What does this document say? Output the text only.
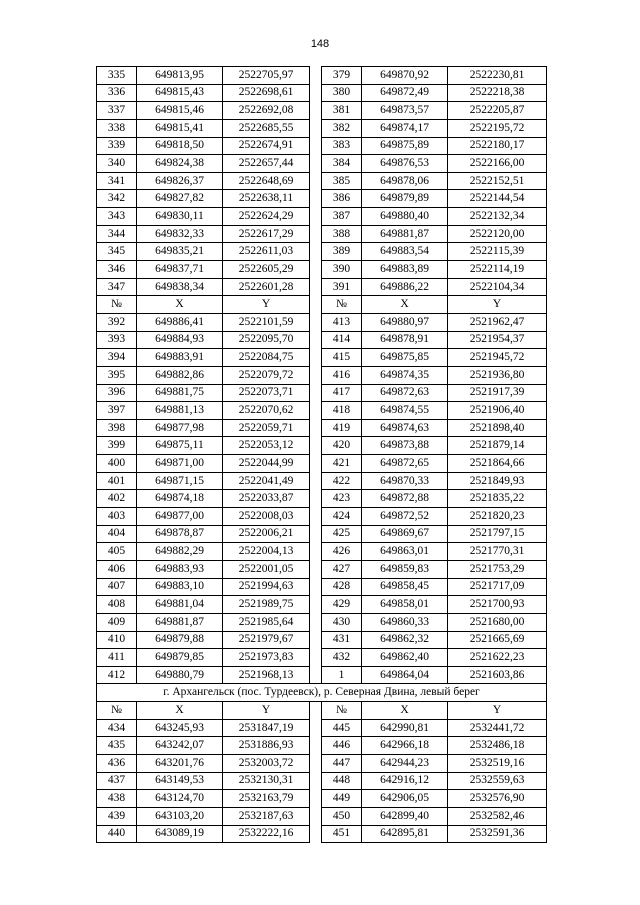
148
335	649813,95	2522705,97		379	649870,92	2522230,81
336	649815,43	2522698,61		380	649872,49	2522218,38
337	649815,46	2522692,08		381	649873,57	2522205,87
338	649815,41	2522685,55		382	649874,17	2522195,72
339	649818,50	2522674,91		383	649875,89	2522180,17
340	649824,38	2522657,44		384	649876,53	2522166,00
341	649826,37	2522648,69		385	649878,06	2522152,51
342	649827,82	2522638,11		386	649879,89	2522144,54
343	649830,11	2522624,29		387	649880,40	2522132,34
344	649832,33	2522617,29		388	649881,87	2522120,00
345	649835,21	2522611,03		389	649883,54	2522115,39
346	649837,71	2522605,29		390	649883,89	2522114,19
347	649838,34	2522601,28		391	649886,22	2522104,34
№	X	Y		№	X	Y
392	649886,41	2522101,59		413	649880,97	2521962,47
393	649884,93	2522095,70		414	649878,91	2521954,37
394	649883,91	2522084,75		415	649875,85	2521945,72
395	649882,86	2522079,72		416	649874,35	2521936,80
396	649881,75	2522073,71		417	649872,63	2521917,39
397	649881,13	2522070,62		418	649874,55	2521906,40
398	649877,98	2522059,71		419	649874,63	2521898,40
399	649875,11	2522053,12		420	649873,88	2521879,14
400	649871,00	2522044,99		421	649872,65	2521864,66
401	649871,15	2522041,49		422	649870,33	2521849,93
402	649874,18	2522033,87		423	649872,88	2521835,22
403	649877,00	2522008,03		424	649872,52	2521820,23
404	649878,87	2522006,21		425	649869,67	2521797,15
405	649882,29	2522004,13		426	649863,01	2521770,31
406	649883,93	2522001,05		427	649859,83	2521753,29
407	649883,10	2521994,63		428	649858,45	2521717,09
408	649881,04	2521989,75		429	649858,01	2521700,93
409	649881,87	2521985,64		430	649860,33	2521680,00
410	649879,88	2521979,67		431	649862,32	2521665,69
411	649879,85	2521973,83		432	649862,40	2521622,23
412	649880,79	2521968,13		1	649864,04	2521603,86
г. Архангельск (пос. Турдеевск), р. Северная Двина, левый берег						
№	X	Y		№	X	Y
434	643245,93	2531847,19		445	642990,81	2532441,72
435	643242,07	2531886,93		446	642966,18	2532486,18
436	643201,76	2532003,72		447	642944,23	2532519,16
437	643149,53	2532130,31		448	642916,12	2532559,63
438	643124,70	2532163,79		449	642906,05	2532576,90
439	643103,20	2532187,63		450	642899,40	2532582,46
440	643089,19	2532222,16		451	642895,81	2532591,36
